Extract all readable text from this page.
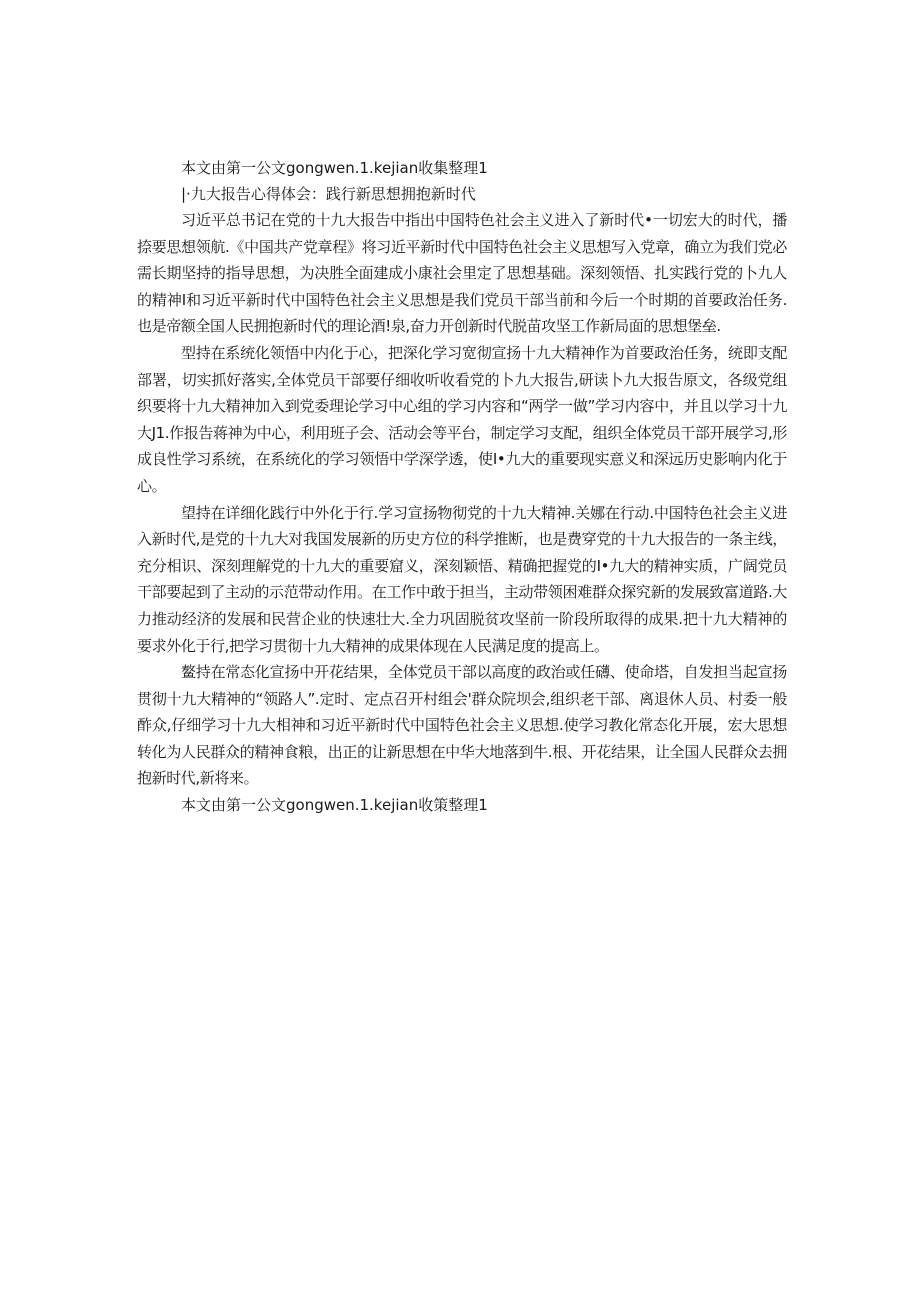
本文由第一公文gongwen.1.kejian收集整理1

|·九大报告心得体会：践行新思想拥抱新时代

习近平总书记在党的十九大报告中指出中国特色社会主义进入了新时代•一切宏大的时代，播捺要思想领航.《中国共产党章程》将习近平新时代中国特色社会主义思想写入党章，确立为我们党必需长期坚持的指导思想，为决胜全面建成小康社会里定了思想基础。深刻领悟、扎实践行党的卜九人的精神I和习近平新时代中国特色社会主义思想是我们党员干部当前和今后一个时期的首要政治任务.也是帝额全国人民拥抱新时代的理论酒!泉,奋力开创新时代脱苗攻坚工作新局面的思想堡垒.

型持在系统化领悟中内化于心，把深化学习宽彻宣扬十九大精神作为首要政治任务，统即支配部署，切实抓好落实,全体党员干部要仔细收听收看党的卜九大报告,研读卜九大报告原文，各级党组织要将十九大精神加入到党委理论学习中心组的学习内容和“两学一做”学习内容中，并且以学习十九大J1.作报告蒋神为中心，利用班子会、活动会等平台，制定学习支配，组织全体党员干部开展学习,形成良性学习系统，在系统化的学习领悟中学深学透，使I•九大的重要现实意义和深远历史影响内化于心。

望持在详细化践行中外化于行.学习宣扬物彻党的十九大精神.关娜在行动.中国特色社会主义进入新时代,是党的十九大对我国发展新的历史方位的科学推断，也是费穿党的十九大报告的一条主线，充分相识、深刻理解党的十九大的重要窟义，深刻颖悟、精确把握党的I•九大的精神实质，广阔党员干部要起到了主动的示范带动作用。在工作中敢于担当，主动带领困难群众探究新的发展致富道路.大力推动经济的发展和民营企业的快速壮大.全力巩固脱贫攻坚前一阶段所取得的成果.把十九大精神的要求外化于行,把学习贯彻十九大精神的成果体现在人民满足度的提高上。

鳌持在常态化宣扬中开花结果，全体党员干部以高度的政治或任礴、使命塔，自发担当起宣扬贯彻十九大精神的“领路人”.定时、定点召开村组会'群众院坝会,组织老干部、离退休人员、村委一般酢众,仔细学习十九大相神和习近平新时代中国特色社会主义思想.使学习教化常态化开展，宏大思想转化为人民群众的精神食粮，出正的让新思想在中华大地落到牛.根、开花结果，让全国人民群众去拥抱新时代,新将来。

本文由第一公文gongwen.1.kejian收策整理1
